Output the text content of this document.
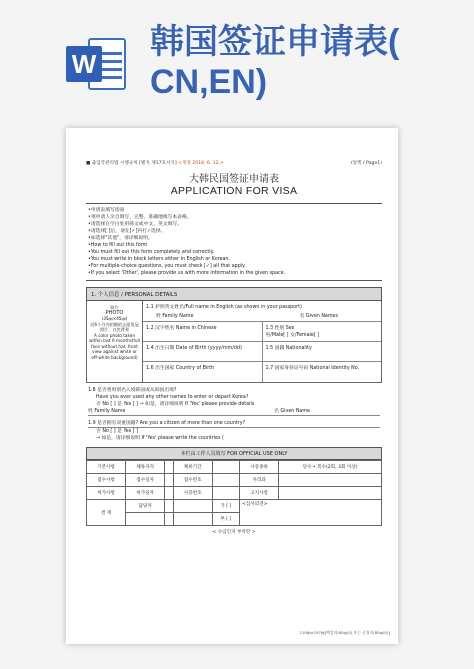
W
韩国签证申请表(
CN,EN)
■ 출입국관리법 시행규칙 [별지 제17호서식] <개정 2018. 6. 12.>	(앞쪽 / Page1)
大韩民国签证申请表
APPLICATION FOR VISA
•申请表填写指南
•须申请人亲自填写，完整、准确地填写本表格。
•请选择在空白处用韩文或中文、英文填写。
•请选择[ ]后，请在[✓]内打✓选择。
•如选择"其他"，请详细说明。
•How to fill out this form
•You must fill out this form completely and correctly.
•You must write in block letters either in English or Korean.
•For multiple-choice questions, you must check [✓] all that apply.
•If you select 'Other', please provide us with more information in the given space.
1. 个人信息 / PERSONAL DETAILS
照片
PHOTO
(35㎜×45㎜)
近6个月内拍摄的正面免冠照片，白色背景
A color photo taken within last 6 months(full face without hat, front view against white or off-white background)
1.1 护照英文姓名/Full name in English (as shown in your passport)
姓 Family Name	名 Given Names
1.2 汉字姓名 Name in Chinese	1.3 性别 Sex
男/Male[ ] 女/Female[ ]
1.4 出生日期 Date of Birth (yyyy/mm/dd)	1.5 国籍 Nationality
1.6 出生国家 Country of Birth	1.7 国家身份证号码 National Identity No.
1.8 是否曾用别名入境韩国或从韩国出境?
Have you ever used any other names to enter or depart Korea?
否 No [ ] 是 Yes [ ] → 如是，请详细说明 If 'Yes' please provide details
姓 Family Name	名 Given Name
1.9 是否拥有双重国籍? Are you a citizen of more than one country?
否 No [ ] 是 Yes [ ]
→ 如是，请详细说明 If 'Yes' please write the countries (
本栏由工作人员填写 FOR OFFICIAL USE ONLY
기본사항	체류자격		체류기간		사증종류	단수 • 복수(2회, 3회 이상)
접수사항	접수일자		접수번호		처리과	
허가사항	허가일자		사증번호		고지사항	
결 재	담당자			가 [ ]	<심사의견>	
				부 [ ]		
< 수입인지 부착란 >
210㎜×297㎜[백상지(80g/㎡) 또는 중질지(80g/㎡)]
